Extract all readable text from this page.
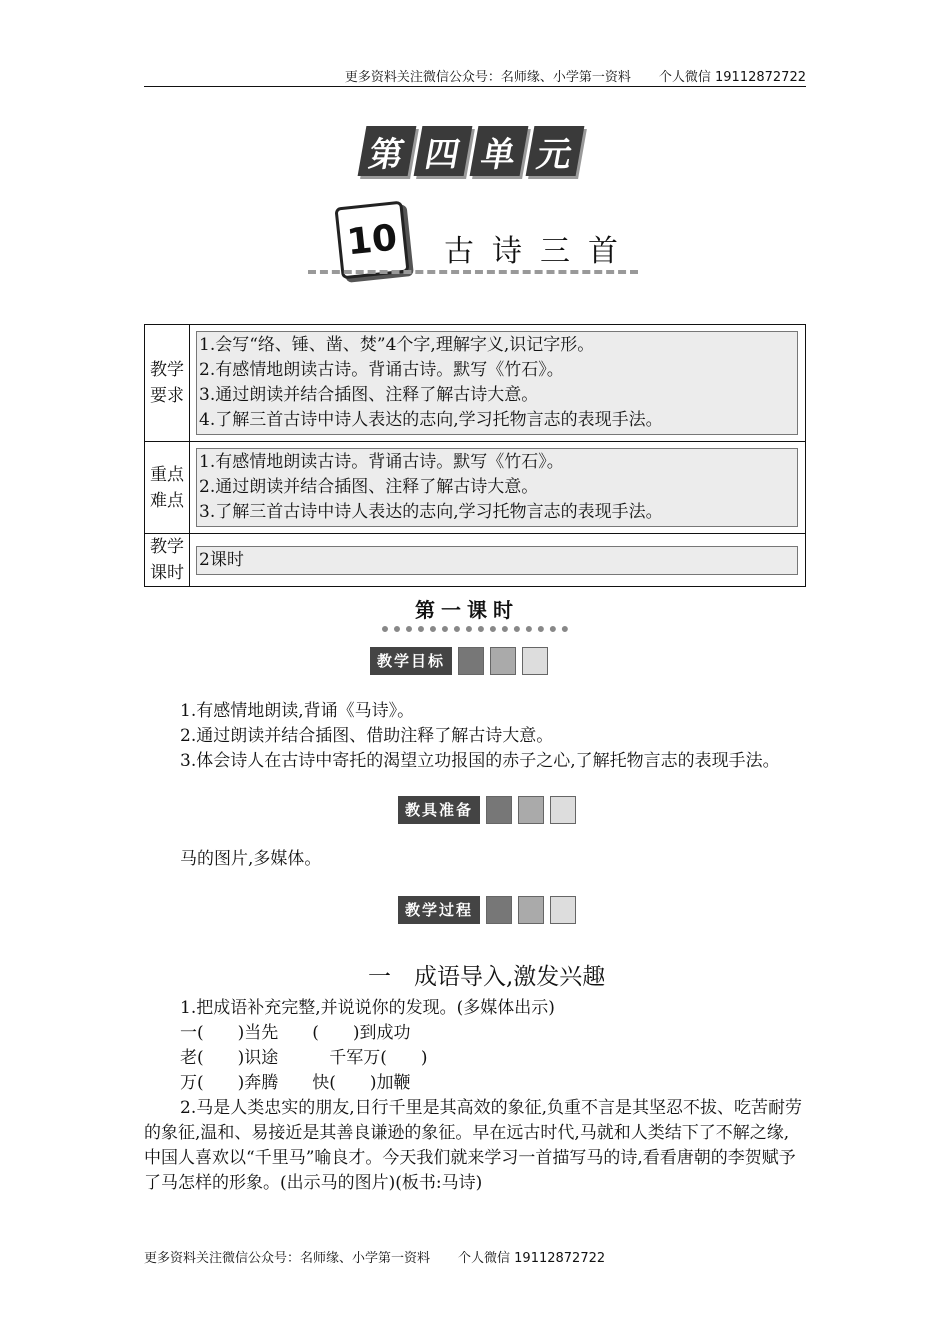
更多资料关注微信公众号：名师缘、小学第一资料 个人微信 19112872722
第 四 单 元
10	古诗三首
教学要求	1.会写“络、锤、凿、焚”4个字,理解字义,识记字形。
2.有感情地朗读古诗。背诵古诗。默写《竹石》。
3.通过朗读并结合插图、注释了解古诗大意。
4.了解三首古诗中诗人表达的志向,学习托物言志的表现手法。

重点难点	1.有感情地朗读古诗。背诵古诗。默写《竹石》。
2.通过朗读并结合插图、注释了解古诗大意。
3.了解三首古诗中诗人表达的志向,学习托物言志的表现手法。

教学课时	2课时
第一课时
教学目标
1.有感情地朗读,背诵《马诗》。
2.通过朗读并结合插图、借助注释了解古诗大意。
3.体会诗人在古诗中寄托的渴望立功报国的赤子之心,了解托物言志的表现手法。
教具准备
马的图片,多媒体。
教学过程
一　成语导入,激发兴趣
1.把成语补充完整,并说说你的发现。(多媒体出示)
一(　　)当先　　(　　)到成功
老(　　)识途　　　千军万(　　)
万(　　)奔腾　　快(　　)加鞭
2.马是人类忠实的朋友,日行千里是其高效的象征,负重不言是其坚忍不拔、吃苦耐劳的象征,温和、易接近是其善良谦逊的象征。早在远古时代,马就和人类结下了不解之缘,中国人喜欢以“千里马”喻良才。今天我们就来学习一首描写马的诗,看看唐朝的李贺赋予了马怎样的形象。(出示马的图片)(板书:马诗)
更多资料关注微信公众号：名师缘、小学第一资料 个人微信 19112872722
